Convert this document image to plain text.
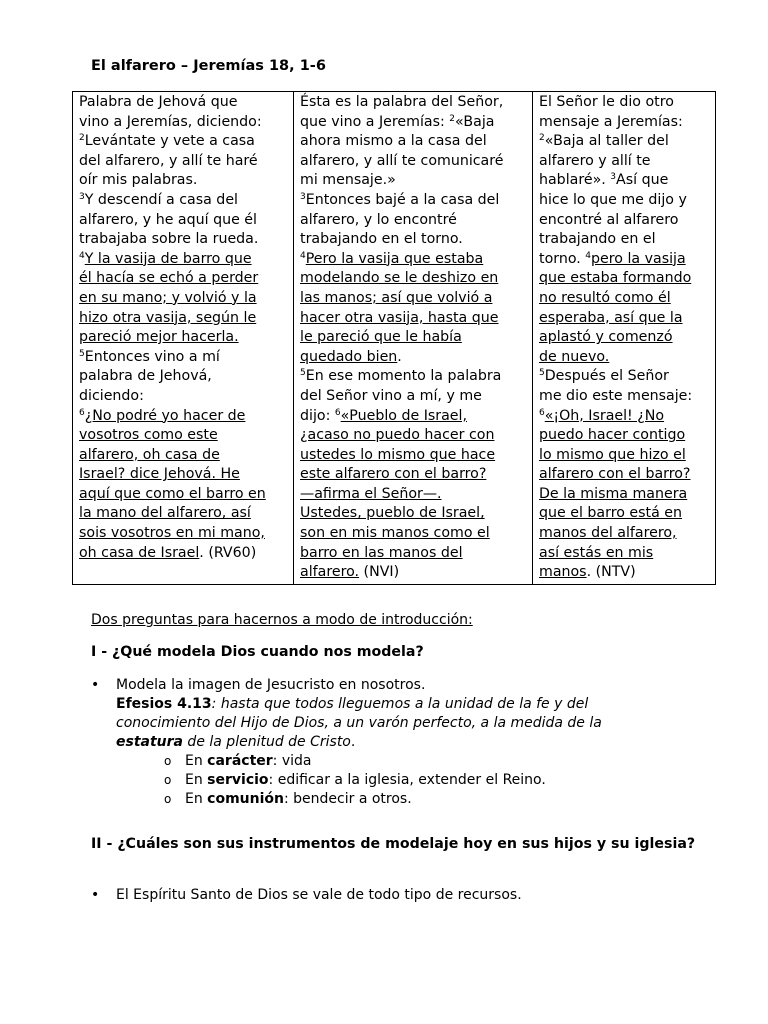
El alfarero – Jeremías 18, 1-6
Palabra de Jehová que
vino a Jeremías, diciendo:
$^2$Levántate y vete a casa
del alfarero, y allí te haré
oír mis palabras.
$^3$Y descendí a casa del
alfarero, y he aquí que él
trabajaba sobre la rueda.
$^4$Y la vasija de barro que
él hacía se echó a perder
en su mano; y volvió y la
hizo otra vasija, según le
pareció mejor hacerla.
$^5$Entonces vino a mí
palabra de Jehová,
diciendo:
$^6$¿No podré yo hacer de
vosotros como este
alfarero, oh casa de
Israel? dice Jehová. He
aquí que como el barro en
la mano del alfarero, así
sois vosotros en mi mano,
oh casa de Israel. (RV60)	Ésta es la palabra del Señor,
que vino a Jeremías: $^2$«Baja
ahora mismo a la casa del
alfarero, y allí te comunicaré
mi mensaje.»
$^3$Entonces bajé a la casa del
alfarero, y lo encontré
trabajando en el torno.
$^4$Pero la vasija que estaba
modelando se le deshizo en
las manos; así que volvió a
hacer otra vasija, hasta que
le pareció que le había
quedado bien.
$^5$En ese momento la palabra
del Señor vino a mí, y me
dijo: $^6$«Pueblo de Israel,
¿acaso no puedo hacer con
ustedes lo mismo que hace
este alfarero con el barro?
—afirma el Señor—.
Ustedes, pueblo de Israel,
son en mis manos como el
barro en las manos del
alfarero. (NVI)	El Señor le dio otro
mensaje a Jeremías:
$^2$«Baja al taller del
alfarero y allí te
hablaré». $^3$Así que
hice lo que me dijo y
encontré al alfarero
trabajando en el
torno. $^4$pero la vasija
que estaba formando
no resultó como él
esperaba, así que la
aplastó y comenzó
de nuevo.
$^5$Después el Señor
me dio este mensaje:
$^6$«¡Oh, Israel! ¿No
puedo hacer contigo
lo mismo que hizo el
alfarero con el barro?
De la misma manera
que el barro está en
manos del alfarero,
así estás en mis
manos. (NTV)
Dos preguntas para hacernos a modo de introducción:
I - ¿Qué modela Dios cuando nos modela?
•	Modela la imagen de Jesucristo en nosotros.
Efesios 4.13: hasta que todos lleguemos a la unidad de la fe y del
conocimiento del Hijo de Dios, a un varón perfecto, a la medida de la
estatura de la plenitud de Cristo.
o En carácter: vida
o En servicio: edificar a la iglesia, extender el Reino.
o En comunión: bendecir a otros.
II - ¿Cuáles son sus instrumentos de modelaje hoy en sus hijos y su iglesia?
•	El Espíritu Santo de Dios se vale de todo tipo de recursos.
